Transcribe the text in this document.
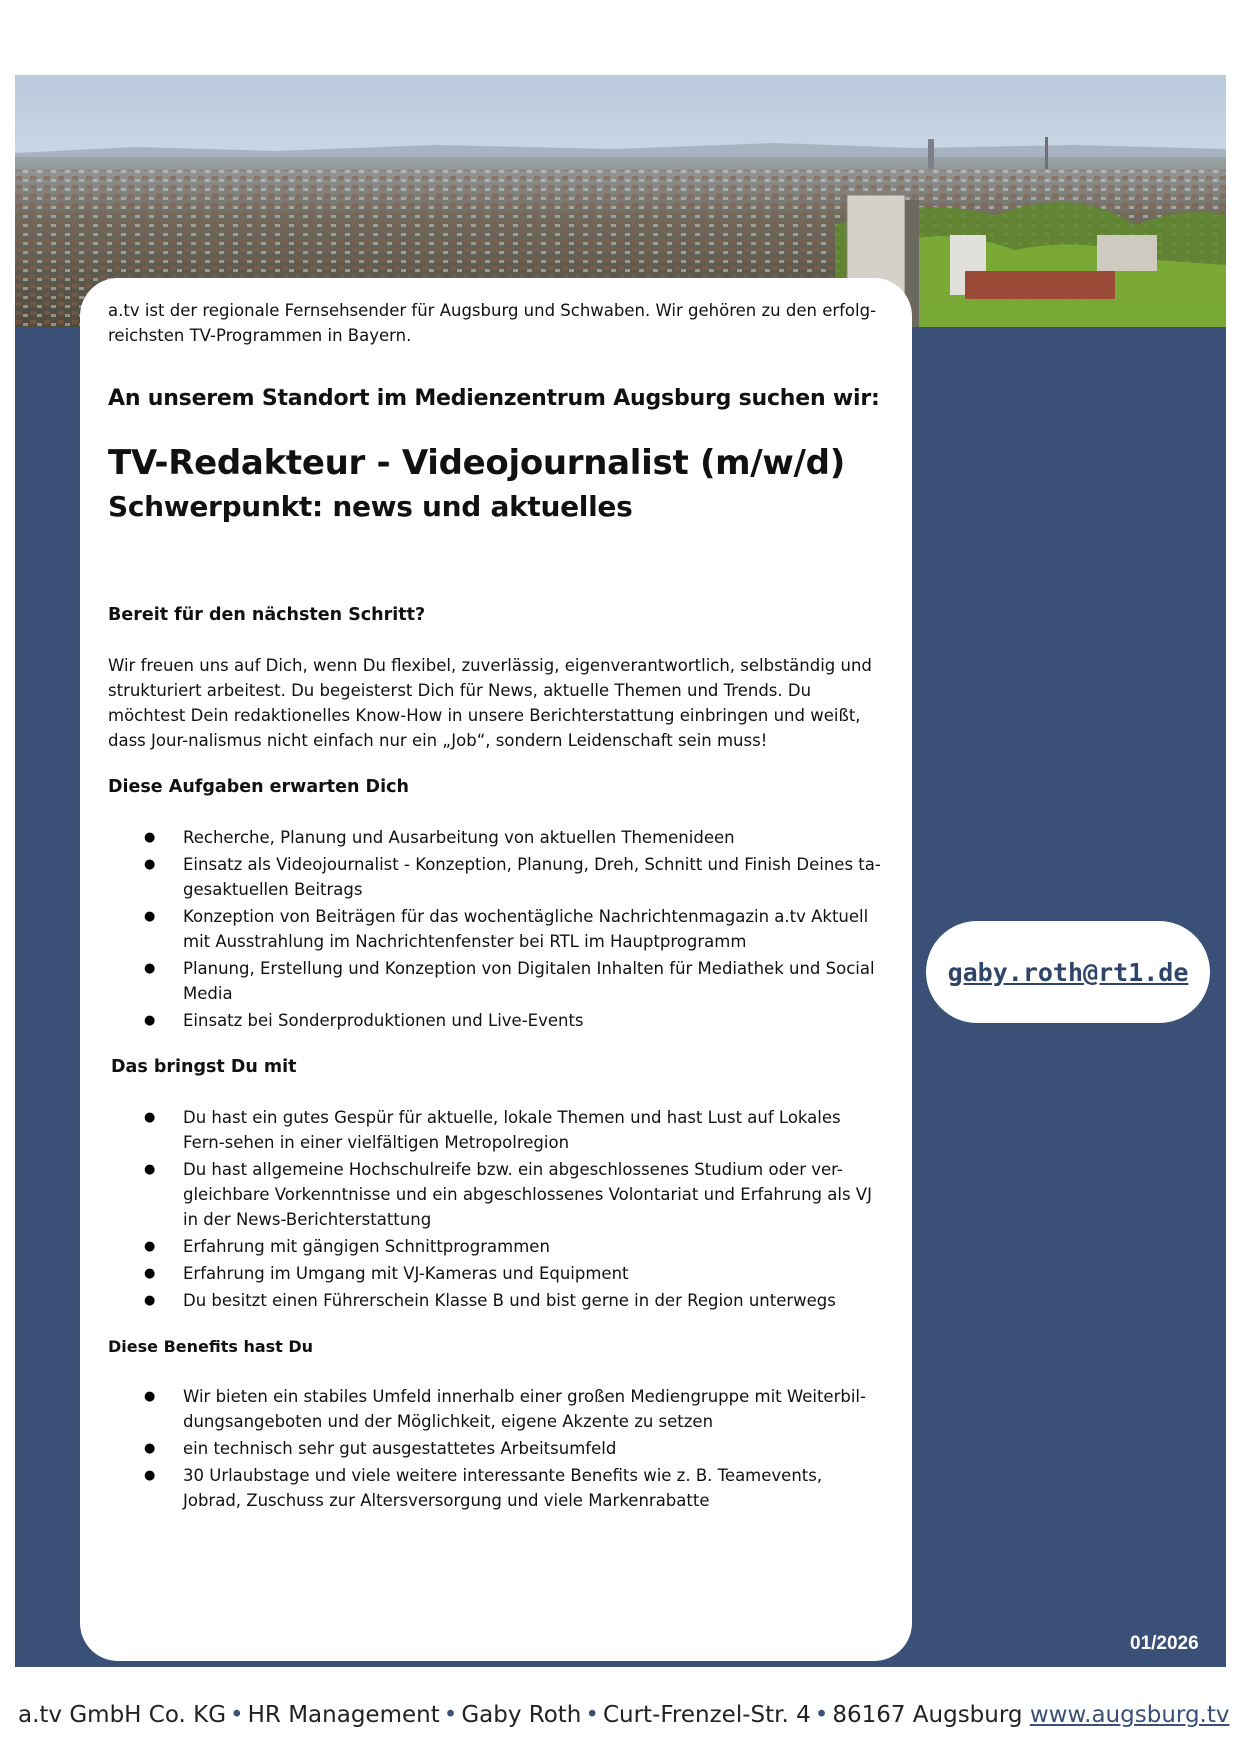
a.tv ist der regionale Fernsehsender für Augsburg und Schwaben. Wir gehören zu den erfolg-
reichsten TV-Programmen in Bayern.

An unserem Standort im Medienzentrum Augsburg suchen wir:

TV-Redakteur - Videojournalist (m/w/d)

Schwerpunkt: news und aktuelles

Bereit für den nächsten Schritt?

Wir freuen uns auf Dich, wenn Du flexibel, zuverlässig, eigenverantwortlich, selbständig und strukturiert arbeitest. Du begeisterst Dich für News, aktuelle Themen und Trends. Du möchtest Dein redaktionelles Know-How in unsere Berichterstattung einbringen und weißt, dass Jour-nalismus nicht einfach nur ein „Job“, sondern Leidenschaft sein muss!

Diese Aufgaben erwarten Dich

● Recherche, Planung und Ausarbeitung von aktuellen Themenideen
● Einsatz als Videojournalist - Konzeption, Planung, Dreh, Schnitt und Finish Deines ta-gesaktuellen Beitrags
● Konzeption von Beiträgen für das wochentägliche Nachrichtenmagazin a.tv Aktuell mit Ausstrahlung im Nachrichtenfenster bei RTL im Hauptprogramm
● Planung, Erstellung und Konzeption von Digitalen Inhalten für Mediathek und Social Media
● Einsatz bei Sonderproduktionen und Live-Events

Das bringst Du mit

● Du hast ein gutes Gespür für aktuelle, lokale Themen und hast Lust auf Lokales Fern-sehen in einer vielfältigen Metropolregion
● Du hast allgemeine Hochschulreife bzw. ein abgeschlossenes Studium oder ver-gleichbare Vorkenntnisse und ein abgeschlossenes Volontariat und Erfahrung als VJ in der News-Berichterstattung
● Erfahrung mit gängigen Schnittprogrammen
● Erfahrung im Umgang mit VJ-Kameras und Equipment
● Du besitzt einen Führerschein Klasse B und bist gerne in der Region unterwegs

Diese Benefits hast Du

● Wir bieten ein stabiles Umfeld innerhalb einer großen Mediengruppe mit Weiterbil-dungsangeboten und der Möglichkeit, eigene Akzente zu setzen
● ein technisch sehr gut ausgestattetes Arbeitsumfeld
● 30 Urlaubstage und viele weitere interessante Benefits wie z. B. Teamevents, Jobrad, Zuschuss zur Altersversorgung und viele Markenrabatte
gaby.roth@rt1.de
01/2026
a.tv GmbH Co. KG • HR Management • Gaby Roth • Curt-Frenzel-Str. 4 • 86167 Augsburg www.augsburg.tv
